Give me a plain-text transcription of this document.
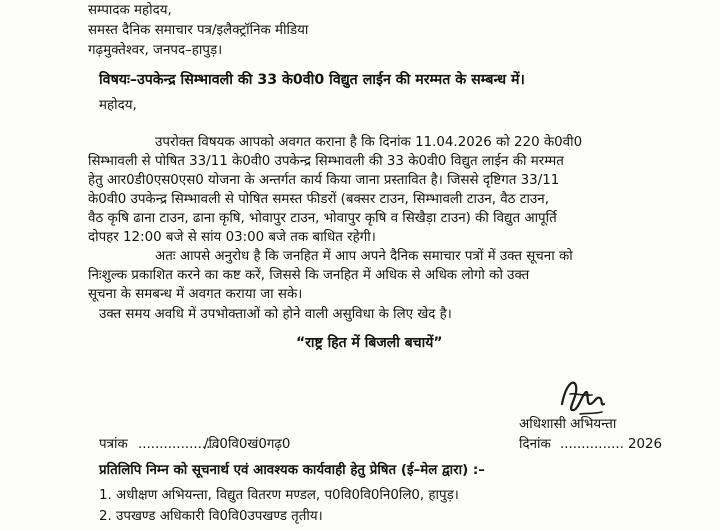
सम्पादक महोदय,
समस्त दैनिक समाचार पत्र/इलैक्ट्रॉनिक मीडिया
गढ़मुक्तेश्वर, जनपद–हापुड़।
विषयः–उपकेन्द्र सिम्भावली की 33 के0वी0 विद्युत लाईन की मरम्मत के सम्बन्ध में।
महोदय,
उपरोक्त विषयक आपको अवगत कराना है कि दिनांक 11.04.2026 को 220 के0वी0
सिम्भावली से पोषित 33/11 के0वी0 उपकेन्द्र सिम्भावली की 33 के0वी0 विद्युत लाईन की मरम्मत
हेतु आर0डी0एस0एस0 योजना के अन्तर्गत कार्य किया जाना प्रस्तावित है। जिससे दृष्टिगत 33/11
के0वी0 उपकेन्द्र सिम्भावली से पोषित समस्त फीडरों (बक्सर टाउन, सिम्भावली टाउन, वैठ टाउन,
वैठ कृषि ढाना टाउन, ढाना कृषि, भोवापुर टाउन, भोवापुर कृषि व सिखैड़ा टाउन) की विद्युत आपूर्ति
दोपहर 12:00 बजे से सांय 03:00 बजे तक बाधित रहेगी।
अतः आपसे अनुरोध है कि जनहित में आप अपने दैनिक समाचार पत्रों में उक्त सूचना को
निःशुल्क प्रकाशित करने का कष्ट करें, जिससे कि जनहित में अधिक से अधिक लोगो को उक्त
सूचना के समबन्ध में अवगत कराया जा सके।
उक्त समय अवधि में उपभोक्ताओं को होने वाली असुविधा के लिए खेद है।
“राष्ट्र हित में बिजली बचायें”
अधिशासी अभियन्ता
पत्रांक ...................
/वि0वि0खं0गढ़0	दिनांक ............... 2026
प्रतिलिपि निम्न को सूचनार्थ एवं आवश्यक कार्यवाही हेतु प्रेषित (ई–मेल द्वारा) :–
1. अधीक्षण अभियन्ता, विद्युत वितरण मण्डल, प0वि0वि0नि0लि0, हापुड़।
2. उपखण्ड अधिकारी वि0वि0उपखण्ड तृतीय।
